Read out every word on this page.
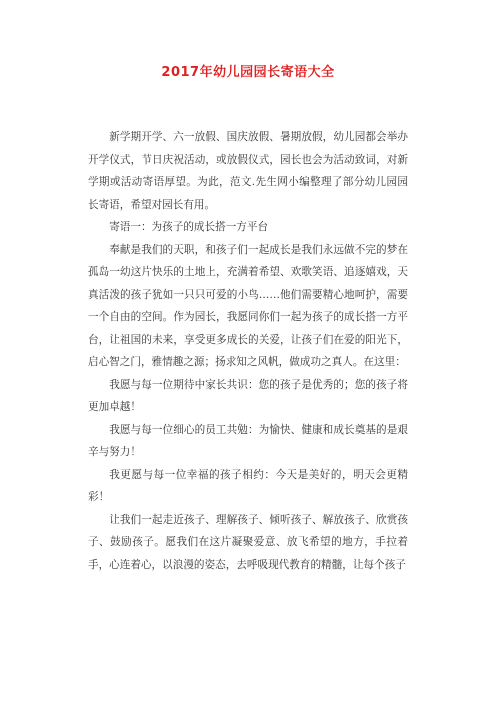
2017年幼儿园园长寄语大全

新学期开学、六一放假、国庆放假、暑期放假，幼儿园都会举办开学仪式，节日庆祝活动，或放假仪式，园长也会为活动致词，对新学期或活动寄语厚望。为此，范文.先生网小编整理了部分幼儿园园长寄语，希望对园长有用。

寄语一：为孩子的成长搭一方平台

奉献是我们的天职，和孩子们一起成长是我们永远做不完的梦在孤岛一幼这片快乐的土地上，充满着希望、欢歌笑语、追逐嬉戏，天真活泼的孩子犹如一只只可爱的小鸟……他们需要精心地呵护，需要一个自由的空间。作为园长，我愿同你们一起为孩子的成长搭一方平台，让祖国的未来，享受更多成长的关爱，让孩子们在爱的阳光下，启心智之门，雅情趣之源；扬求知之风帆，做成功之真人。在这里：

我愿与每一位期待中家长共识：您的孩子是优秀的；您的孩子将更加卓越！

我愿与每一位细心的员工共勉：为愉快、健康和成长奠基的是艰辛与努力！

我更愿与每一位幸福的孩子相约：今天是美好的，明天会更精彩！

让我们一起走近孩子、理解孩子、倾听孩子、解放孩子、欣赏孩子、鼓励孩子。愿我们在这片凝聚爱意、放飞希望的地方，手拉着手，心连着心，以浪漫的姿态，去呼吸现代教育的精髓，让每个孩子
